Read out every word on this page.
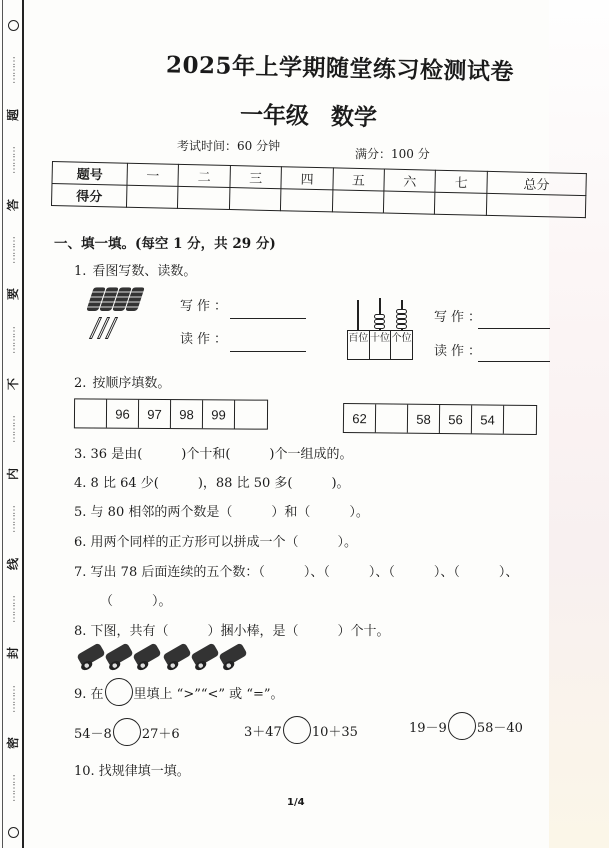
⋯⋯⋯
题
⋯⋯⋯
答
⋯⋯⋯
要
⋯⋯⋯
不
⋯⋯⋯
内
⋯⋯⋯
线
⋯⋯⋯
封
⋯⋯⋯
密
⋯⋯⋯
2025年上学期随堂练习检测试卷
一年级 数学
考试时间：60 分钟
满分：100 分
题号	一	二	三	四	五	六	七	总分
得分								
一、填一填。(每空 1 分，共 29 分)
1. 看图写数、读数。
写作：
读作：	百位 十位 个位
写作：
读作：
2. 按顺序填数。
96	97	98	99	62	58	56	54
3. 36 是由(　　　)个十和(　　　)个一组成的。
4. 8 比 64 少(　　　)，88 比 50 多(　　　)。
5. 与 80 相邻的两个数是（　　　）和（　　　）。
6. 用两个同样的正方形可以拼成一个（　　　）。
7. 写出 78 后面连续的五个数：（　　　）、（　　　）、（　　　）、（　　　）、
（　　　）。
8. 下图，共有（　　　）捆小棒，是（　　　）个十。
9. 在 里填上 “>”“<” 或 “=”。
54－8 27＋6	3＋47 10＋35	19－9 58－40
10. 找规律填一填。
1/4
